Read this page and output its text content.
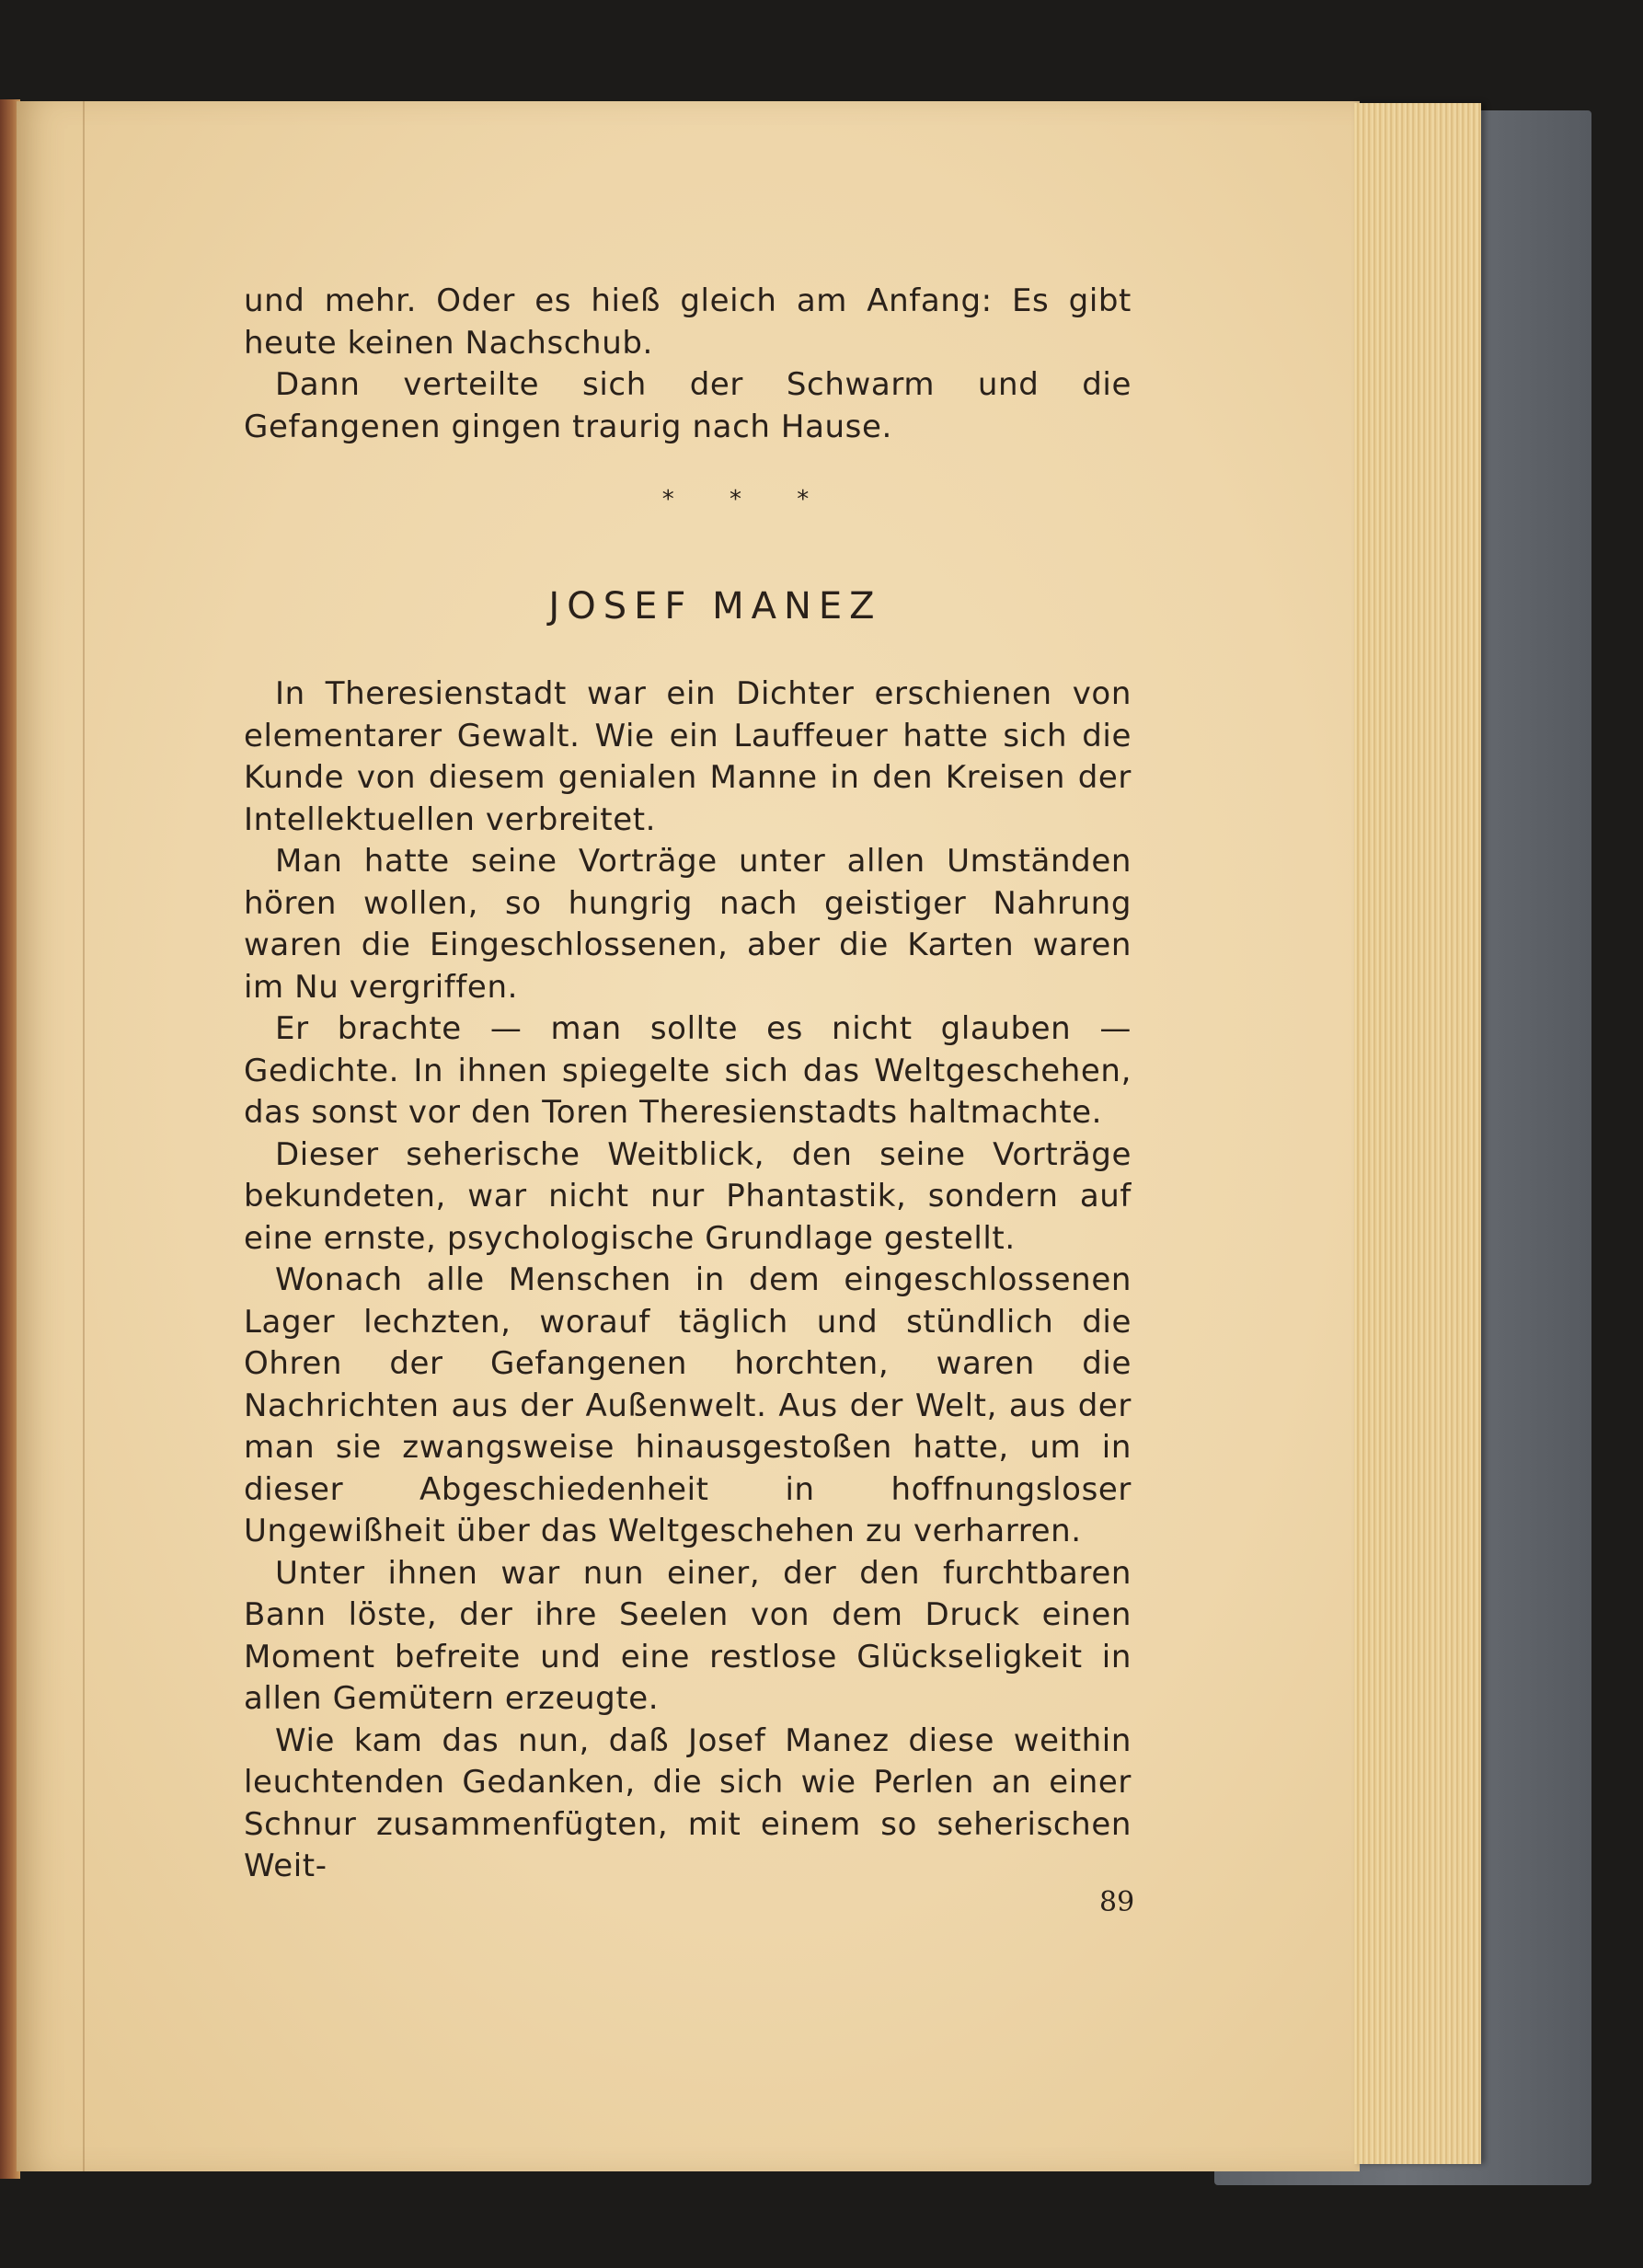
und mehr. Oder es hieß gleich am Anfang: Es gibt heute keinen Nachschub.

Dann verteilte sich der Schwarm und die Gefangenen gingen traurig nach Hause.

* * *
JOSEF MANEZ

In Theresienstadt war ein Dichter erschienen von elementarer Gewalt. Wie ein Lauffeuer hatte sich die Kunde von diesem genialen Manne in den Kreisen der Intellektuellen verbreitet.

Man hatte seine Vorträge unter allen Umständen hören wollen, so hungrig nach geistiger Nahrung waren die Eingeschlossenen, aber die Karten waren im Nu vergriffen.

Er brachte — man sollte es nicht glauben — Gedichte. In ihnen spiegelte sich das Weltgeschehen, das sonst vor den Toren Theresienstadts haltmachte.

Dieser seherische Weitblick, den seine Vorträge bekundeten, war nicht nur Phantastik, sondern auf eine ernste, psychologische Grundlage gestellt.

Wonach alle Menschen in dem eingeschlossenen Lager lechzten, worauf täglich und stündlich die Ohren der Gefangenen horchten, waren die Nachrichten aus der Außenwelt. Aus der Welt, aus der man sie zwangsweise hinausgestoßen hatte, um in dieser Abgeschiedenheit in hoffnungsloser Ungewißheit über das Weltgeschehen zu verharren.

Unter ihnen war nun einer, der den furchtbaren Bann löste, der ihre Seelen von dem Druck einen Moment befreite und eine restlose Glückseligkeit in allen Gemütern erzeugte.

Wie kam das nun, daß Josef Manez diese weithin leuchtenden Gedanken, die sich wie Perlen an einer Schnur zusammenfügten, mit einem so seherischen Weit-

89
